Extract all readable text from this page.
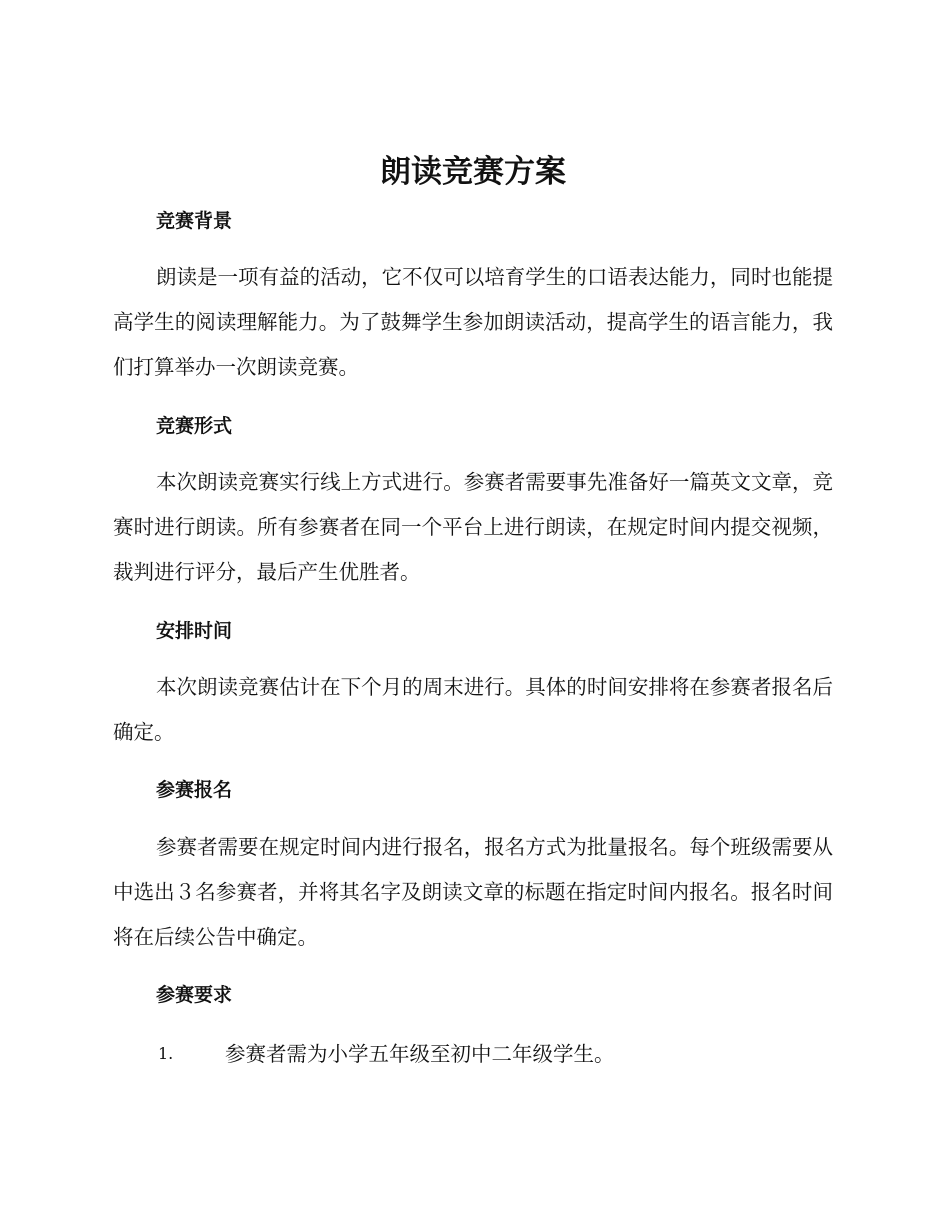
朗读竞赛方案
竞赛背景

朗读是一项有益的活动，它不仅可以培育学生的口语表达能力，同时也能提高学生的阅读理解能力。为了鼓舞学生参加朗读活动，提高学生的语言能力，我们打算举办一次朗读竞赛。

竞赛形式

本次朗读竞赛实行线上方式进行。参赛者需要事先准备好一篇英文文章，竞赛时进行朗读。所有参赛者在同一个平台上进行朗读，在规定时间内提交视频，裁判进行评分，最后产生优胜者。

安排时间

本次朗读竞赛估计在下个月的周末进行。具体的时间安排将在参赛者报名后确定。

参赛报名

参赛者需要在规定时间内进行报名，报名方式为批量报名。每个班级需要从中选出３名参赛者，并将其名字及朗读文章的标题在指定时间内报名。报名时间将在后续公告中确定。

参赛要求
1.	参赛者需为小学五年级至初中二年级学生。
